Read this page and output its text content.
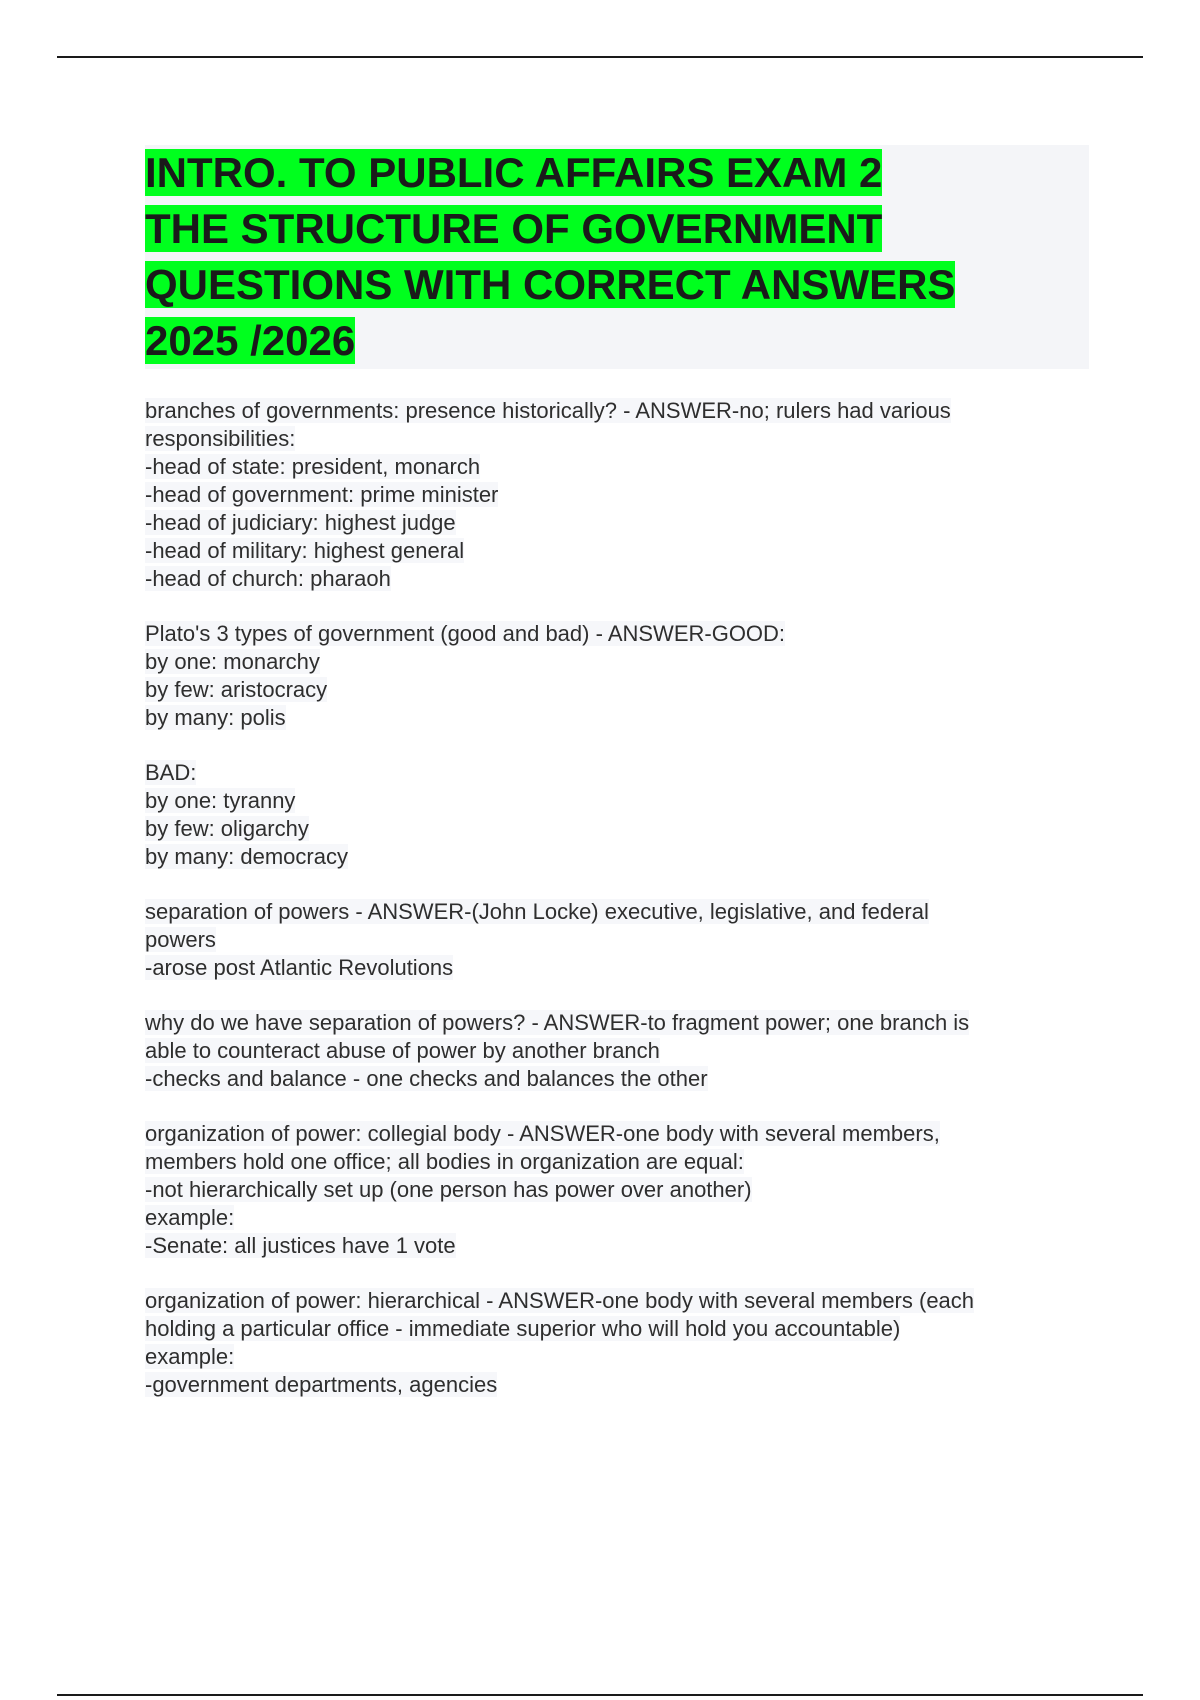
INTRO. TO PUBLIC AFFAIRS EXAM 2
THE STRUCTURE OF GOVERNMENT
QUESTIONS WITH CORRECT ANSWERS
2025 /2026
branches of governments: presence historically? - ANSWER-no; rulers had various
responsibilities:
-head of state: president, monarch
-head of government: prime minister
-head of judiciary: highest judge
-head of military: highest general
-head of church: pharaoh
Plato's 3 types of government (good and bad) - ANSWER-GOOD:
by one: monarchy
by few: aristocracy
by many: polis
BAD:
by one: tyranny
by few: oligarchy
by many: democracy
separation of powers - ANSWER-(John Locke) executive, legislative, and federal
powers
-arose post Atlantic Revolutions
why do we have separation of powers? - ANSWER-to fragment power; one branch is
able to counteract abuse of power by another branch
-checks and balance - one checks and balances the other
organization of power: collegial body - ANSWER-one body with several members,
members hold one office; all bodies in organization are equal:
-not hierarchically set up (one person has power over another)
example:
-Senate: all justices have 1 vote
organization of power: hierarchical - ANSWER-one body with several members (each
holding a particular office - immediate superior who will hold you accountable)
example:
-government departments, agencies
